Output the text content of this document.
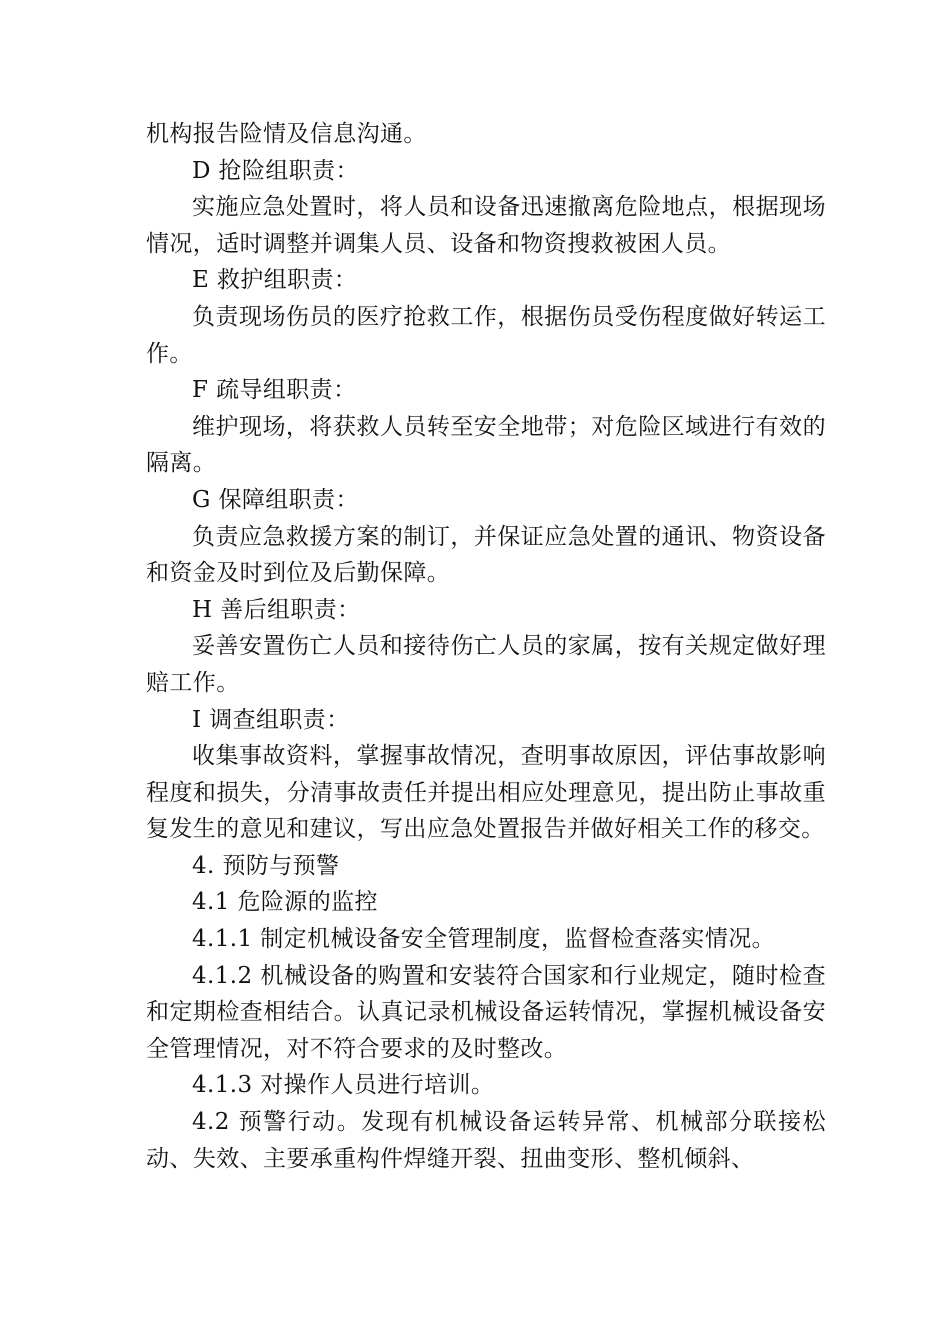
机构报告险情及信息沟通。

D 抢险组职责：

实施应急处置时，将人员和设备迅速撤离危险地点，根据现场情况，适时调整并调集人员、设备和物资搜救被困人员。

E 救护组职责：

负责现场伤员的医疗抢救工作，根据伤员受伤程度做好转运工作。

F 疏导组职责：

维护现场，将获救人员转至安全地带；对危险区域进行有效的隔离。

G 保障组职责：

负责应急救援方案的制订，并保证应急处置的通讯、物资设备和资金及时到位及后勤保障。

H 善后组职责：

妥善安置伤亡人员和接待伤亡人员的家属，按有关规定做好理赔工作。

I 调查组职责：

收集事故资料，掌握事故情况，查明事故原因，评估事故影响程度和损失，分清事故责任并提出相应处理意见，提出防止事故重复发生的意见和建议，写出应急处置报告并做好相关工作的移交。

4. 预防与预警

4.1 危险源的监控

4.1.1 制定机械设备安全管理制度，监督检查落实情况。

4.1.2 机械设备的购置和安装符合国家和行业规定，随时检查和定期检查相结合。认真记录机械设备运转情况，掌握机械设备安全管理情况，对不符合要求的及时整改。

4.1.3 对操作人员进行培训。

4.2 预警行动。发现有机械设备运转异常、机械部分联接松动、失效、主要承重构件焊缝开裂、扭曲变形、整机倾斜、
